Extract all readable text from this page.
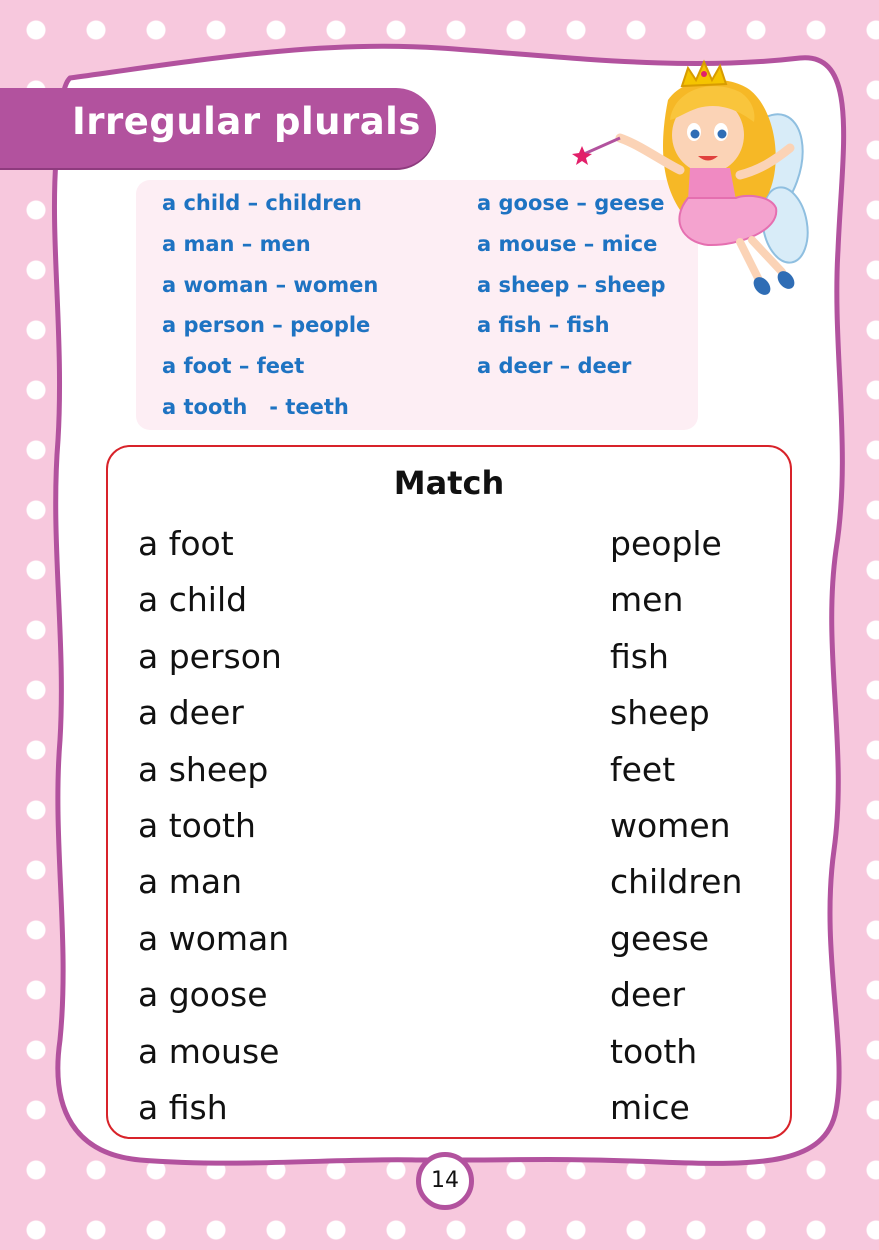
Irregular plurals
a child – children
a man – men
a woman – women
a person – people
a foot – feet
a tooth   - teeth
a goose – geese
a mouse – mice
a sheep – sheep
a fish – fish
a deer – deer
Match
a foot
a child
a person
a deer
a sheep
a tooth
a man
a woman
a goose
a mouse
a fish
people
men
fish
sheep
feet
women
children
geese
deer
tooth
mice
14
